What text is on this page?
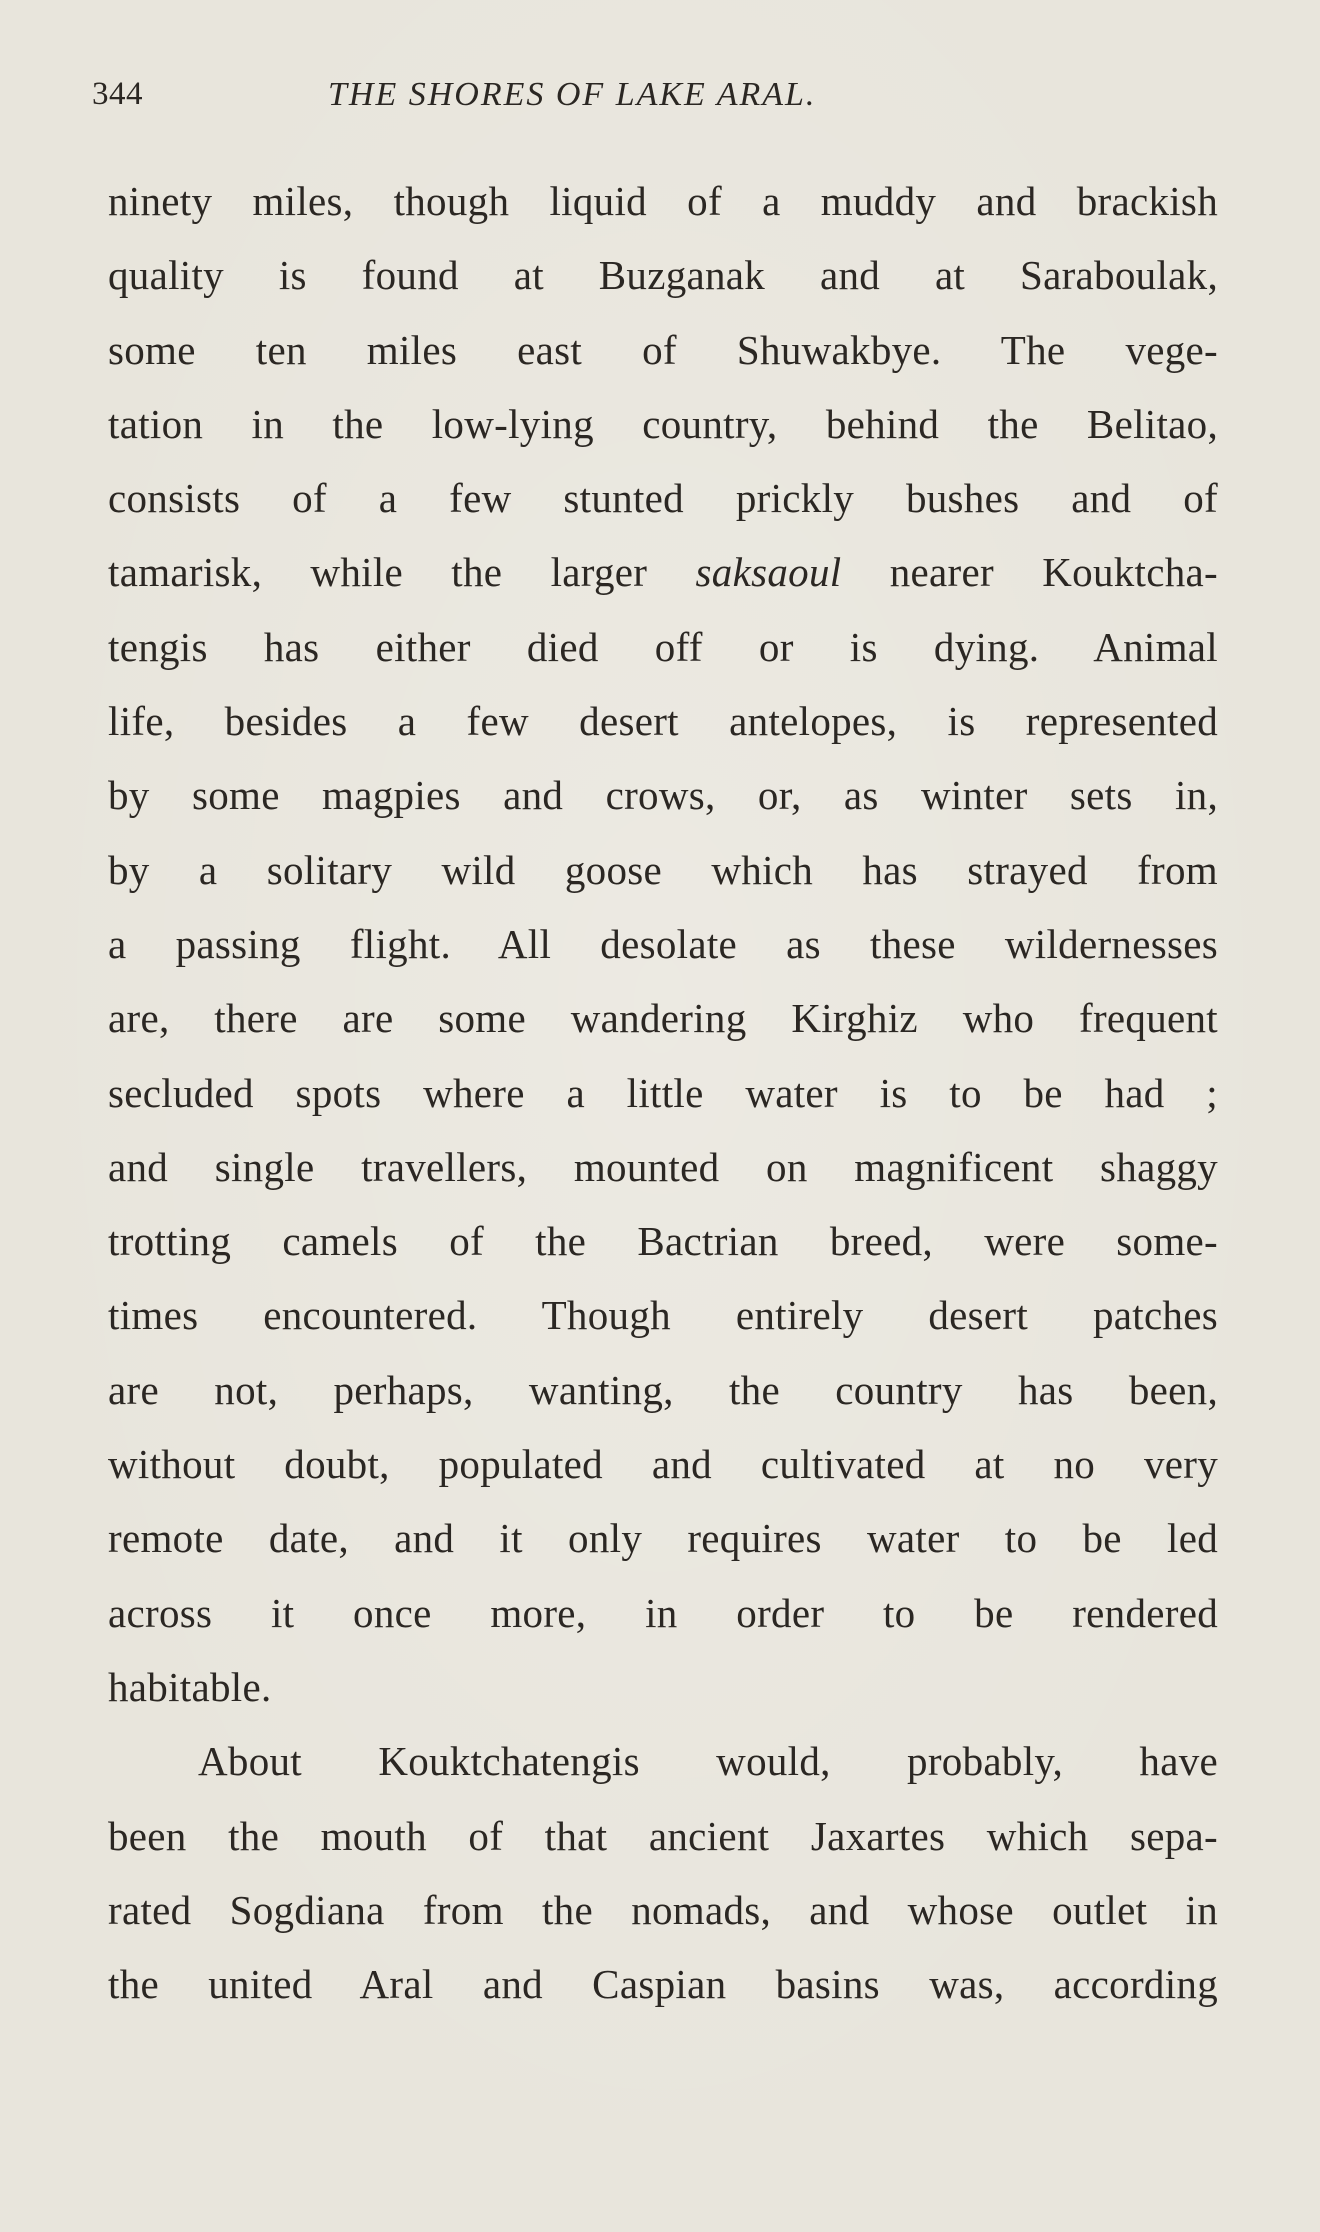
344	THE SHORES OF LAKE ARAL.
ninety miles, though liquid of a muddy and brackish
quality is found at Buzganak and at Saraboulak,
some ten miles east of Shuwakbye. The vege-
tation in the low-lying country, behind the Belitao,
consists of a few stunted prickly bushes and of
tamarisk, while the larger saksaoul nearer Kouktcha-
tengis has either died off or is dying. Animal
life, besides a few desert antelopes, is represented
by some magpies and crows, or, as winter sets in,
by a solitary wild goose which has strayed from
a passing flight. All desolate as these wildernesses
are, there are some wandering Kirghiz who frequent
secluded spots where a little water is to be had ;
and single travellers, mounted on magnificent shaggy
trotting camels of the Bactrian breed, were some-
times encountered. Though entirely desert patches
are not, perhaps, wanting, the country has been,
without doubt, populated and cultivated at no very
remote date, and it only requires water to be led
across it once more, in order to be rendered
habitable.
About Kouktchatengis would, probably, have
been the mouth of that ancient Jaxartes which sepa-
rated Sogdiana from the nomads, and whose outlet in
the united Aral and Caspian basins was, according
